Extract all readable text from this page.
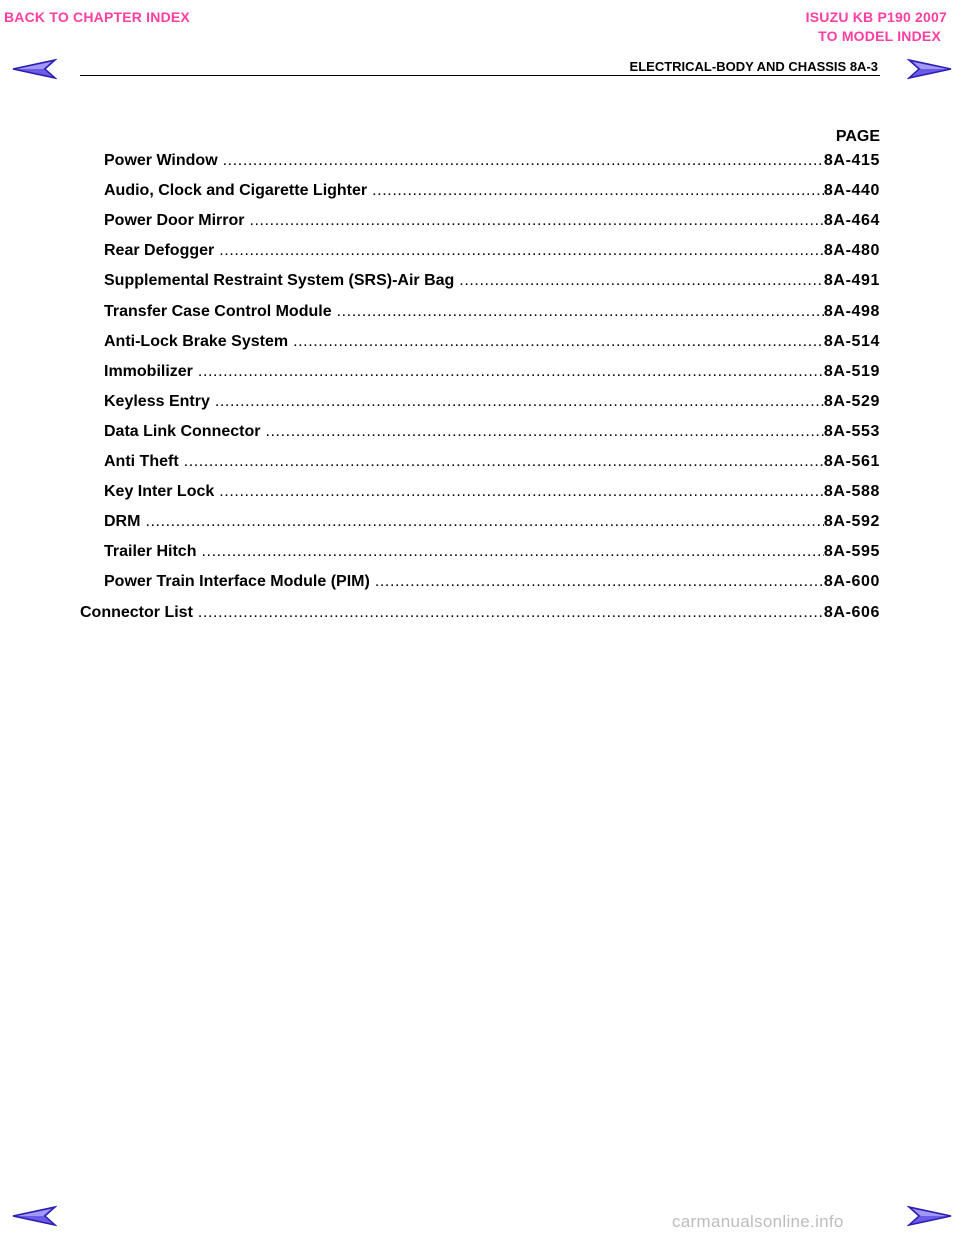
BACK TO CHAPTER INDEX	ISUZU KB P190 2007
TO MODEL INDEX
ELECTRICAL-BODY AND CHASSIS 8A-3
PAGE
Power Window .....	8A-415
Audio, Clock and Cigarette Lighter .....	8A-440
Power Door Mirror .....	8A-464
Rear Defogger .....	8A-480
Supplemental Restraint System (SRS)-Air Bag .....	8A-491
Transfer Case Control Module .....	8A-498
Anti-Lock Brake System .....	8A-514
Immobilizer .....	8A-519
Keyless Entry .....	8A-529
Data Link Connector .....	8A-553
Anti Theft .....	8A-561
Key Inter Lock .....	8A-588
DRM .....	8A-592
Trailer Hitch .....	8A-595
Power Train Interface Module (PIM) .....	8A-600
Connector List .....	8A-606
carmanualsonline.info
